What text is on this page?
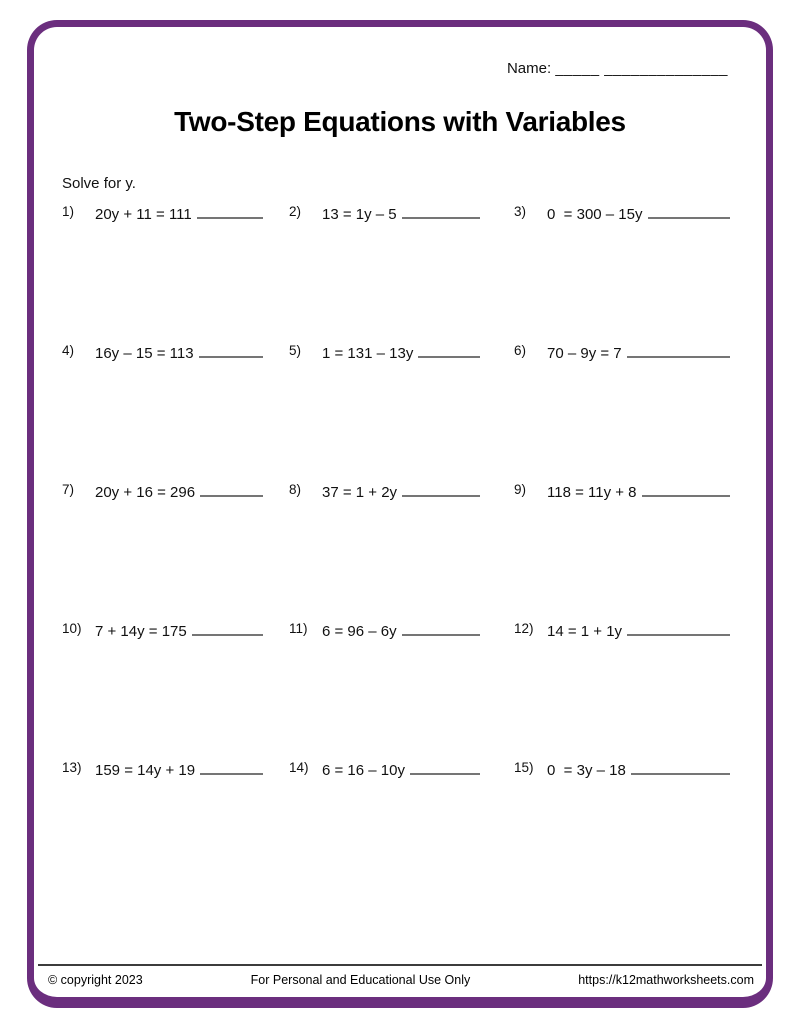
Name: _____ ______________
Two-Step Equations with Variables
Solve for y.
1)	20y + 11 = 111	2)	13 = 1y – 5	3)	0  = 300 – 15y
4)	16y – 15 = 113	5)	1 = 131 – 13y	6)	70 – 9y = 7
7)	20y + 16 = 296	8)	37 = 1 + 2y	9)	118 = 11y + 8
10) 7 + 14y = 175	11) 6 = 96 – 6y	12) 14 = 1 + 1y
13) 159 = 14y + 19	14) 6 = 16 – 10y	15) 0  = 3y – 18
© copyright 2023	For Personal and Educational Use Only	https://k12mathworksheets.com
